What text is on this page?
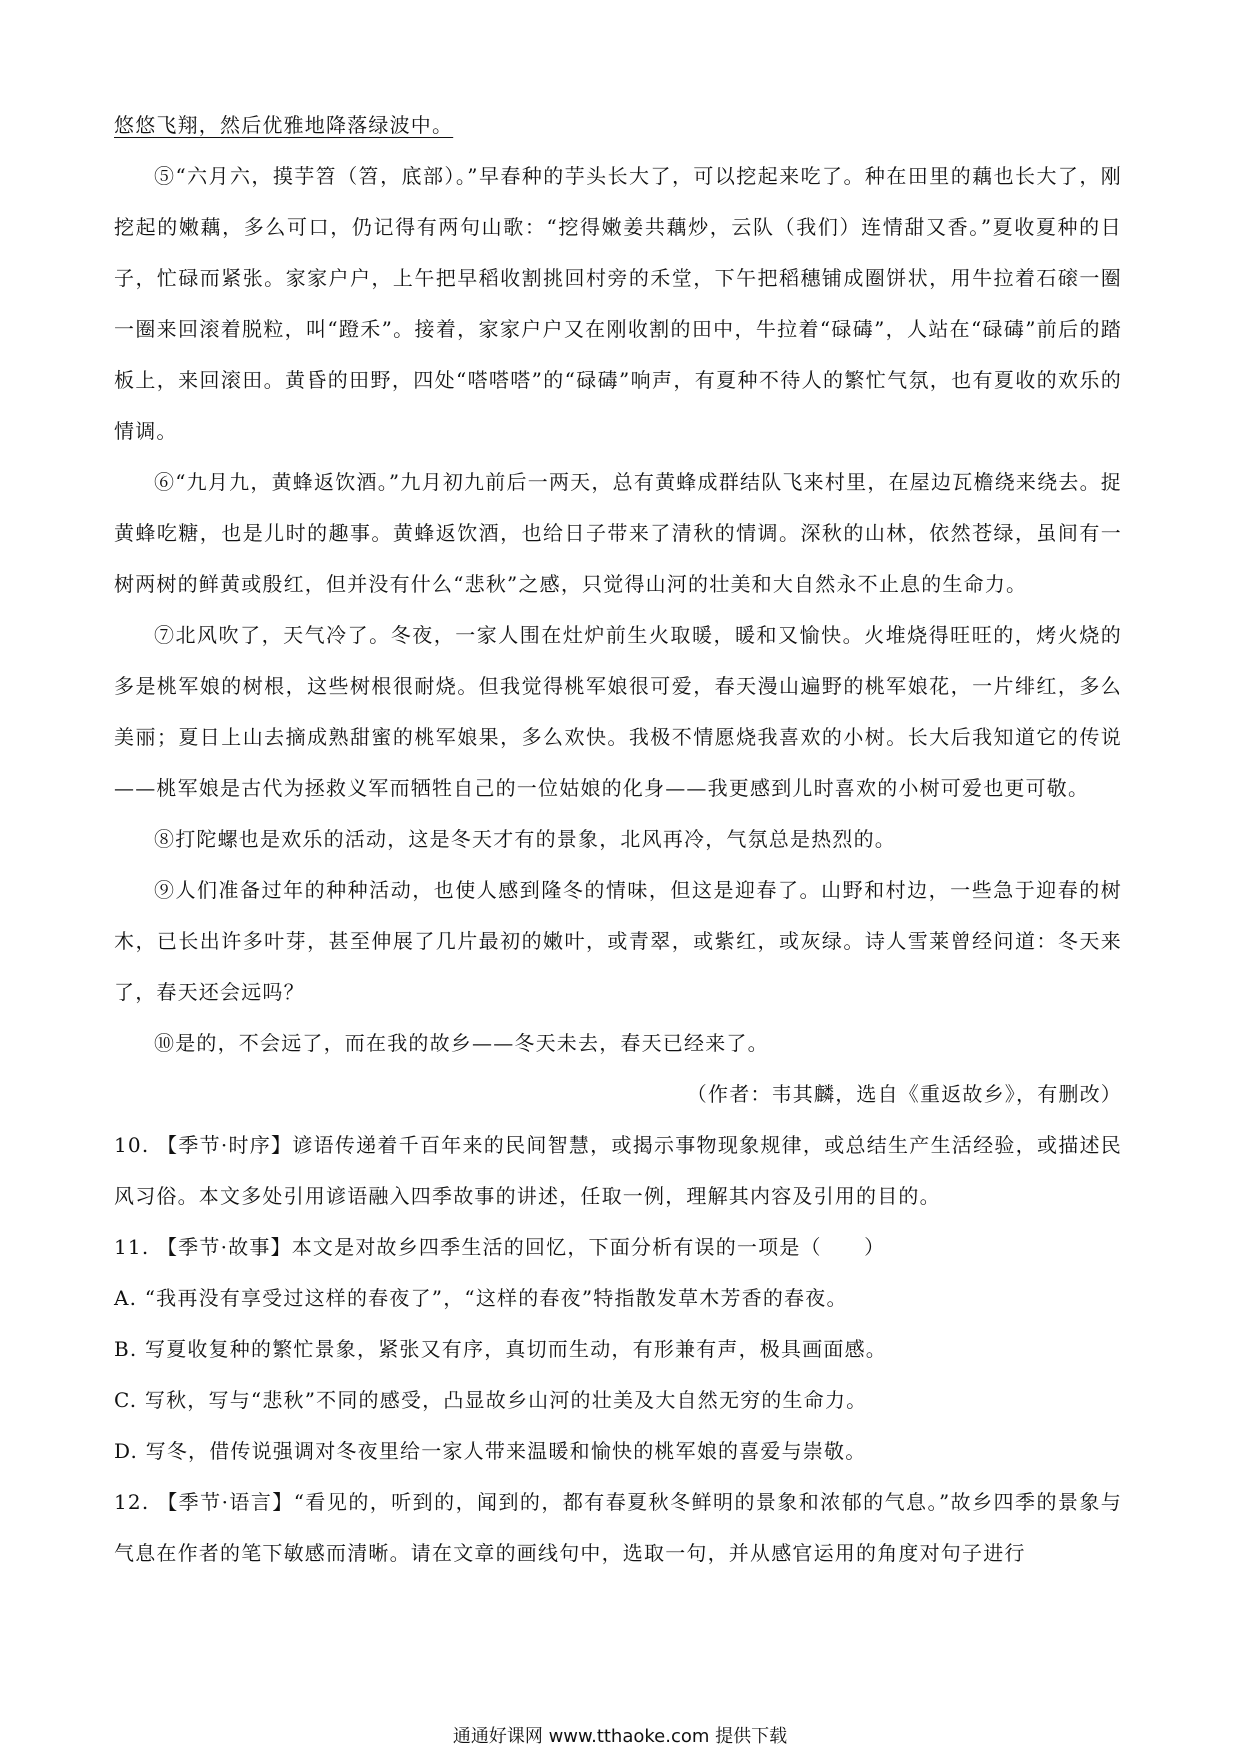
悠悠飞翔，然后优雅地降落绿波中。

⑤“六月六，摸芋笤（笤，底部）。”早春种的芋头长大了，可以挖起来吃了。种在田里的藕也长大了，刚挖起的嫩藕，多么可口，仍记得有两句山歌：“挖得嫩姜共藕炒，云队（我们）连情甜又香。”夏收夏种的日子，忙碌而紧张。家家户户，上午把早稻收割挑回村旁的禾堂，下午把稻穗铺成圈饼状，用牛拉着石磙一圈一圈来回滚着脱粒，叫“蹬禾”。接着，家家户户又在刚收割的田中，牛拉着“碌碡”，人站在“碌碡”前后的踏板上，来回滚田。黄昏的田野，四处“嗒嗒嗒”的“碌碡”响声，有夏种不待人的繁忙气氛，也有夏收的欢乐的情调。

⑥“九月九，黄蜂返饮酒。”九月初九前后一两天，总有黄蜂成群结队飞来村里，在屋边瓦檐绕来绕去。捉黄蜂吃糖，也是儿时的趣事。黄蜂返饮酒，也给日子带来了清秋的情调。深秋的山林，依然苍绿，虽间有一树两树的鲜黄或殷红，但并没有什么“悲秋”之感，只觉得山河的壮美和大自然永不止息的生命力。

⑦北风吹了，天气冷了。冬夜，一家人围在灶炉前生火取暖，暖和又愉快。火堆烧得旺旺的，烤火烧的多是桃军娘的树根，这些树根很耐烧。但我觉得桃军娘很可爱，春天漫山遍野的桃军娘花，一片绯红，多么美丽；夏日上山去摘成熟甜蜜的桃军娘果，多么欢快。我极不情愿烧我喜欢的小树。长大后我知道它的传说——桃军娘是古代为拯救义军而牺牲自己的一位姑娘的化身——我更感到儿时喜欢的小树可爱也更可敬。

⑧打陀螺也是欢乐的活动，这是冬天才有的景象，北风再冷，气氛总是热烈的。

⑨人们准备过年的种种活动，也使人感到隆冬的情味，但这是迎春了。山野和村边，一些急于迎春的树木，已长出许多叶芽，甚至伸展了几片最初的嫩叶，或青翠，或紫红，或灰绿。诗人雪莱曾经问道：冬天来了，春天还会远吗？

⑩是的，不会远了，而在我的故乡——冬天未去，春天已经来了。

（作者：韦其麟，选自《重返故乡》，有删改）

10. 【季节·时序】谚语传递着千百年来的民间智慧，或揭示事物现象规律，或总结生产生活经验，或描述民风习俗。本文多处引用谚语融入四季故事的讲述，任取一例，理解其内容及引用的目的。

11. 【季节·故事】本文是对故乡四季生活的回忆，下面分析有误的一项是（　　）

A. “我再没有享受过这样的春夜了”，“这样的春夜”特指散发草木芳香的春夜。

B. 写夏收复种的繁忙景象，紧张又有序，真切而生动，有形兼有声，极具画面感。

C. 写秋，写与“悲秋”不同的感受，凸显故乡山河的壮美及大自然无穷的生命力。

D. 写冬，借传说强调对冬夜里给一家人带来温暖和愉快的桃军娘的喜爱与崇敬。

12. 【季节·语言】“看见的，听到的，闻到的，都有春夏秋冬鲜明的景象和浓郁的气息。”故乡四季的景象与气息在作者的笔下敏感而清晰。请在文章的画线句中，选取一句，并从感官运用的角度对句子进行

通通好课网 www.tthaoke.com 提供下载
